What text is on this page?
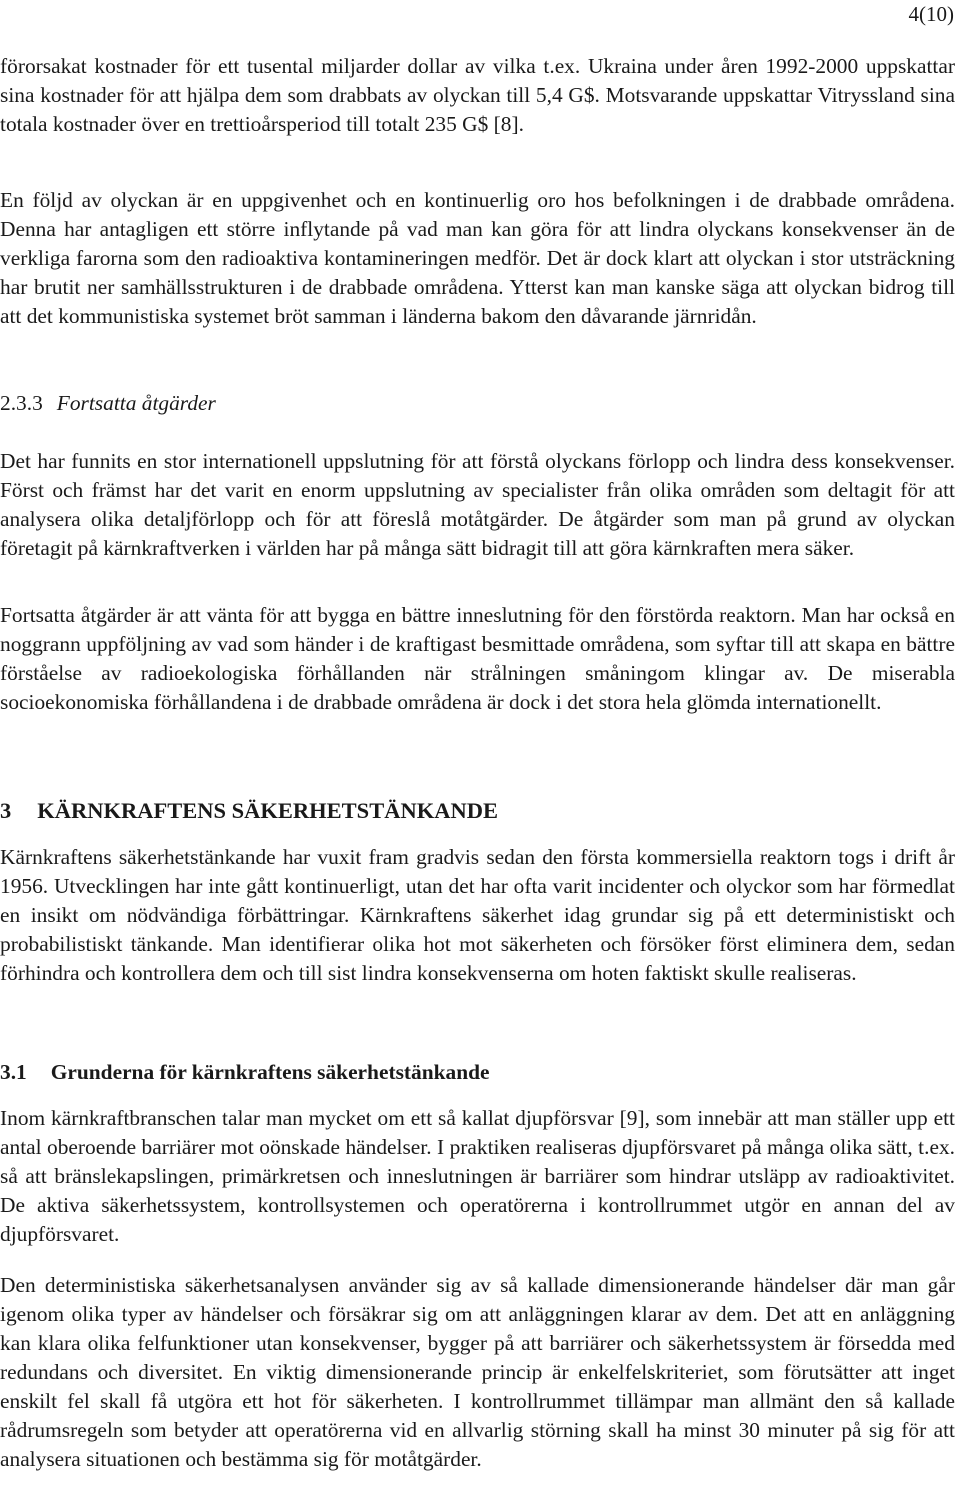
4(10)

förorsakat kostnader för ett tusental miljarder dollar av vilka t.ex. Ukraina under åren 1992-2000 uppskattar sina kostnader för att hjälpa dem som drabbats av olyckan till 5,4 G$. Motsvarande uppskattar Vitryssland sina totala kostnader över en trettioårsperiod till totalt 235 G$ [8].

En följd av olyckan är en uppgivenhet och en kontinuerlig oro hos befolkningen i de drabbade områdena. Denna har antagligen ett större inflytande på vad man kan göra för att lindra olyckans konsekvenser än de verkliga farorna som den radioaktiva kontamineringen medför. Det är dock klart att olyckan i stor utsträckning har brutit ner samhällsstrukturen i de drabbade områdena. Ytterst kan man kanske säga att olyckan bidrog till att det kommunistiska systemet bröt samman i länderna bakom den dåvarande järnridån.

2.3.3 Fortsatta åtgärder

Det har funnits en stor internationell uppslutning för att förstå olyckans förlopp och lindra dess konsekvenser. Först och främst har det varit en enorm uppslutning av specialister från olika områden som deltagit för att analysera olika detaljförlopp och för att föreslå motåtgärder. De åtgärder som man på grund av olyckan företagit på kärnkraftverken i världen har på många sätt bidragit till att göra kärnkraften mera säker.

Fortsatta åtgärder är att vänta för att bygga en bättre inneslutning för den förstörda reaktorn. Man har också en noggrann uppföljning av vad som händer i de kraftigast besmittade områdena, som syftar till att skapa en bättre förståelse av radioekologiska förhållanden när strålningen småningom klingar av. De miserabla socioekonomiska förhållandena i de drabbade områdena är dock i det stora hela glömda internationellt.

3 KÄRNKRAFTENS SÄKERHETSTÄNKANDE

Kärnkraftens säkerhetstänkande har vuxit fram gradvis sedan den första kommersiella reaktorn togs i drift år 1956. Utvecklingen har inte gått kontinuerligt, utan det har ofta varit incidenter och olyckor som har förmedlat en insikt om nödvändiga förbättringar. Kärnkraftens säkerhet idag grundar sig på ett deterministiskt och probabilistiskt tänkande. Man identifierar olika hot mot säkerheten och försöker först eliminera dem, sedan förhindra och kontrollera dem och till sist lindra konsekvenserna om hoten faktiskt skulle realiseras.

3.1 Grunderna för kärnkraftens säkerhetstänkande

Inom kärnkraftbranschen talar man mycket om ett så kallat djupförsvar [9], som innebär att man ställer upp ett antal oberoende barriärer mot oönskade händelser. I praktiken realiseras djupförsvaret på många olika sätt, t.ex. så att bränslekapslingen, primärkretsen och inneslutningen är barriärer som hindrar utsläpp av radioaktivitet. De aktiva säkerhetssystem, kontrollsystemen och operatörerna i kontrollrummet utgör en annan del av djupförsvaret.

Den deterministiska säkerhetsanalysen använder sig av så kallade dimensionerande händelser där man går igenom olika typer av händelser och försäkrar sig om att anläggningen klarar av dem. Det att en anläggning kan klara olika felfunktioner utan konsekvenser, bygger på att barriärer och säkerhetssystem är försedda med redundans och diversitet. En viktig dimensionerande princip är enkelfelskriteriet, som förutsätter att inget enskilt fel skall få utgöra ett hot för säkerheten. I kontrollrummet tillämpar man allmänt den så kallade rådrumsregeln som betyder att operatörerna vid en allvarlig störning skall ha minst 30 minuter på sig för att analysera situationen och bestämma sig för motåtgärder.
